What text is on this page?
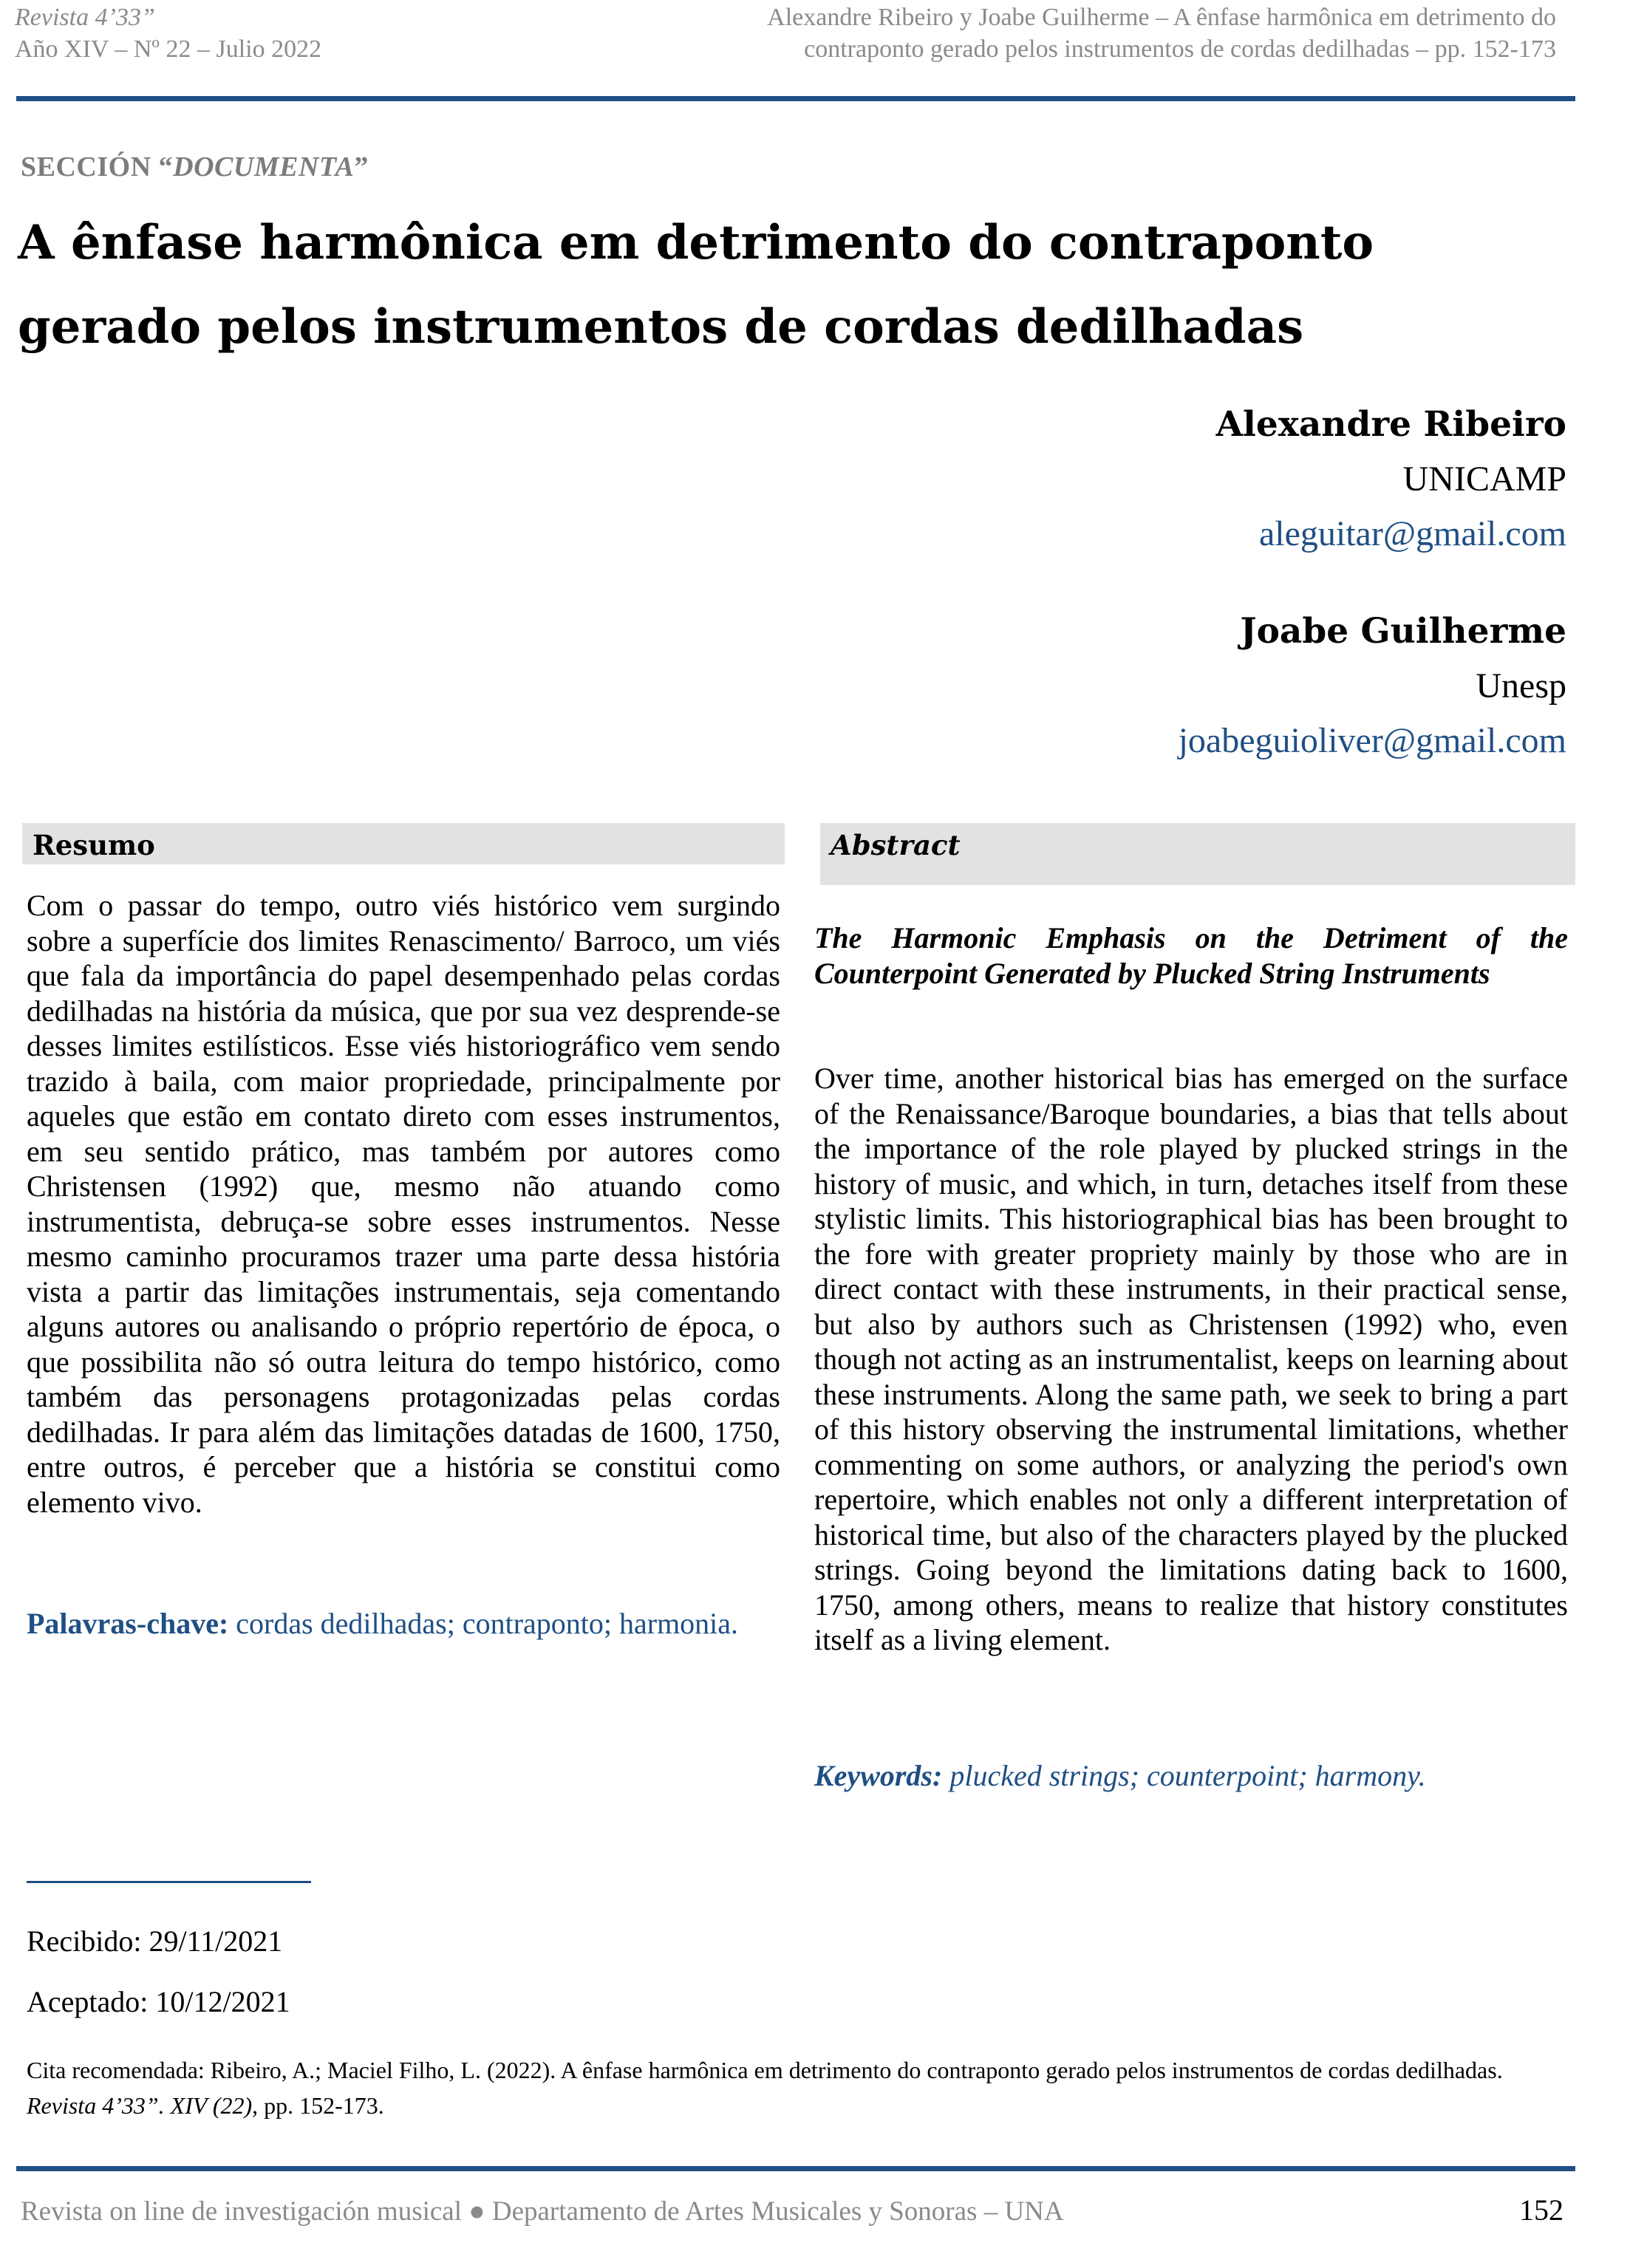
Revista 4’33”
Año XIV – Nº 22 – Julio 2022
Alexandre Ribeiro y Joabe Guilherme – A ênfase harmônica em detrimento do
contraponto gerado pelos instrumentos de cordas dedilhadas – pp. 152-173
SECCIÓN “DOCUMENTA”
A ênfase harmônica em detrimento do contraponto gerado pelos instrumentos de cordas dedilhadas
Alexandre Ribeiro
UNICAMP
aleguitar@gmail.com
Joabe Guilherme
Unesp
joabeguioliver@gmail.com
Resumo
Com o passar do tempo, outro viés histórico vem surgindo sobre a superfície dos limites Renascimento/ Barroco, um viés que fala da importância do papel desempenhado pelas cordas dedilhadas na história da música, que por sua vez desprende-se desses limites estilísticos. Esse viés historiográfico vem sendo trazido à baila, com maior propriedade, principalmente por aqueles que estão em contato direto com esses instrumentos, em seu sentido prático, mas também por autores como Christensen (1992) que, mesmo não atuando como instrumentista, debruça-se sobre esses instrumentos. Nesse mesmo caminho procuramos trazer uma parte dessa história vista a partir das limitações instrumentais, seja comentando alguns autores ou analisando o próprio repertório de época, o que possibilita não só outra leitura do tempo histórico, como também das personagens protagonizadas pelas cordas dedilhadas. Ir para além das limitações datadas de 1600, 1750, entre outros, é perceber que a história se constitui como elemento vivo.
Palavras-chave: cordas dedilhadas; contraponto; harmonia.
Abstract
The Harmonic Emphasis on the Detriment of the Counterpoint Generated by Plucked String Instruments
Over time, another historical bias has emerged on the surface of the Renaissance/Baroque boundaries, a bias that tells about the importance of the role played by plucked strings in the history of music, and which, in turn, detaches itself from these stylistic limits. This historiographical bias has been brought to the fore with greater propriety mainly by those who are in direct contact with these instruments, in their practical sense, but also by authors such as Christensen (1992) who, even though not acting as an instrumentalist, keeps on learning about these instruments. Along the same path, we seek to bring a part of this history observing the instrumental limitations, whether commenting on some authors, or analyzing the period's own repertoire, which enables not only a different interpretation of historical time, but also of the characters played by the plucked strings. Going beyond the limitations dating back to 1600, 1750, among others, means to realize that history constitutes itself as a living element.
Keywords: plucked strings; counterpoint; harmony.
Recibido: 29/11/2021
Aceptado: 10/12/2021
Cita recomendada: Ribeiro, A.; Maciel Filho, L. (2022). A ênfase harmônica em detrimento do contraponto gerado pelos instrumentos de cordas dedilhadas. Revista 4’33”. XIV (22), pp. 152-173.
Revista on line de investigación musical ● Departamento de Artes Musicales y Sonoras – UNA	152
